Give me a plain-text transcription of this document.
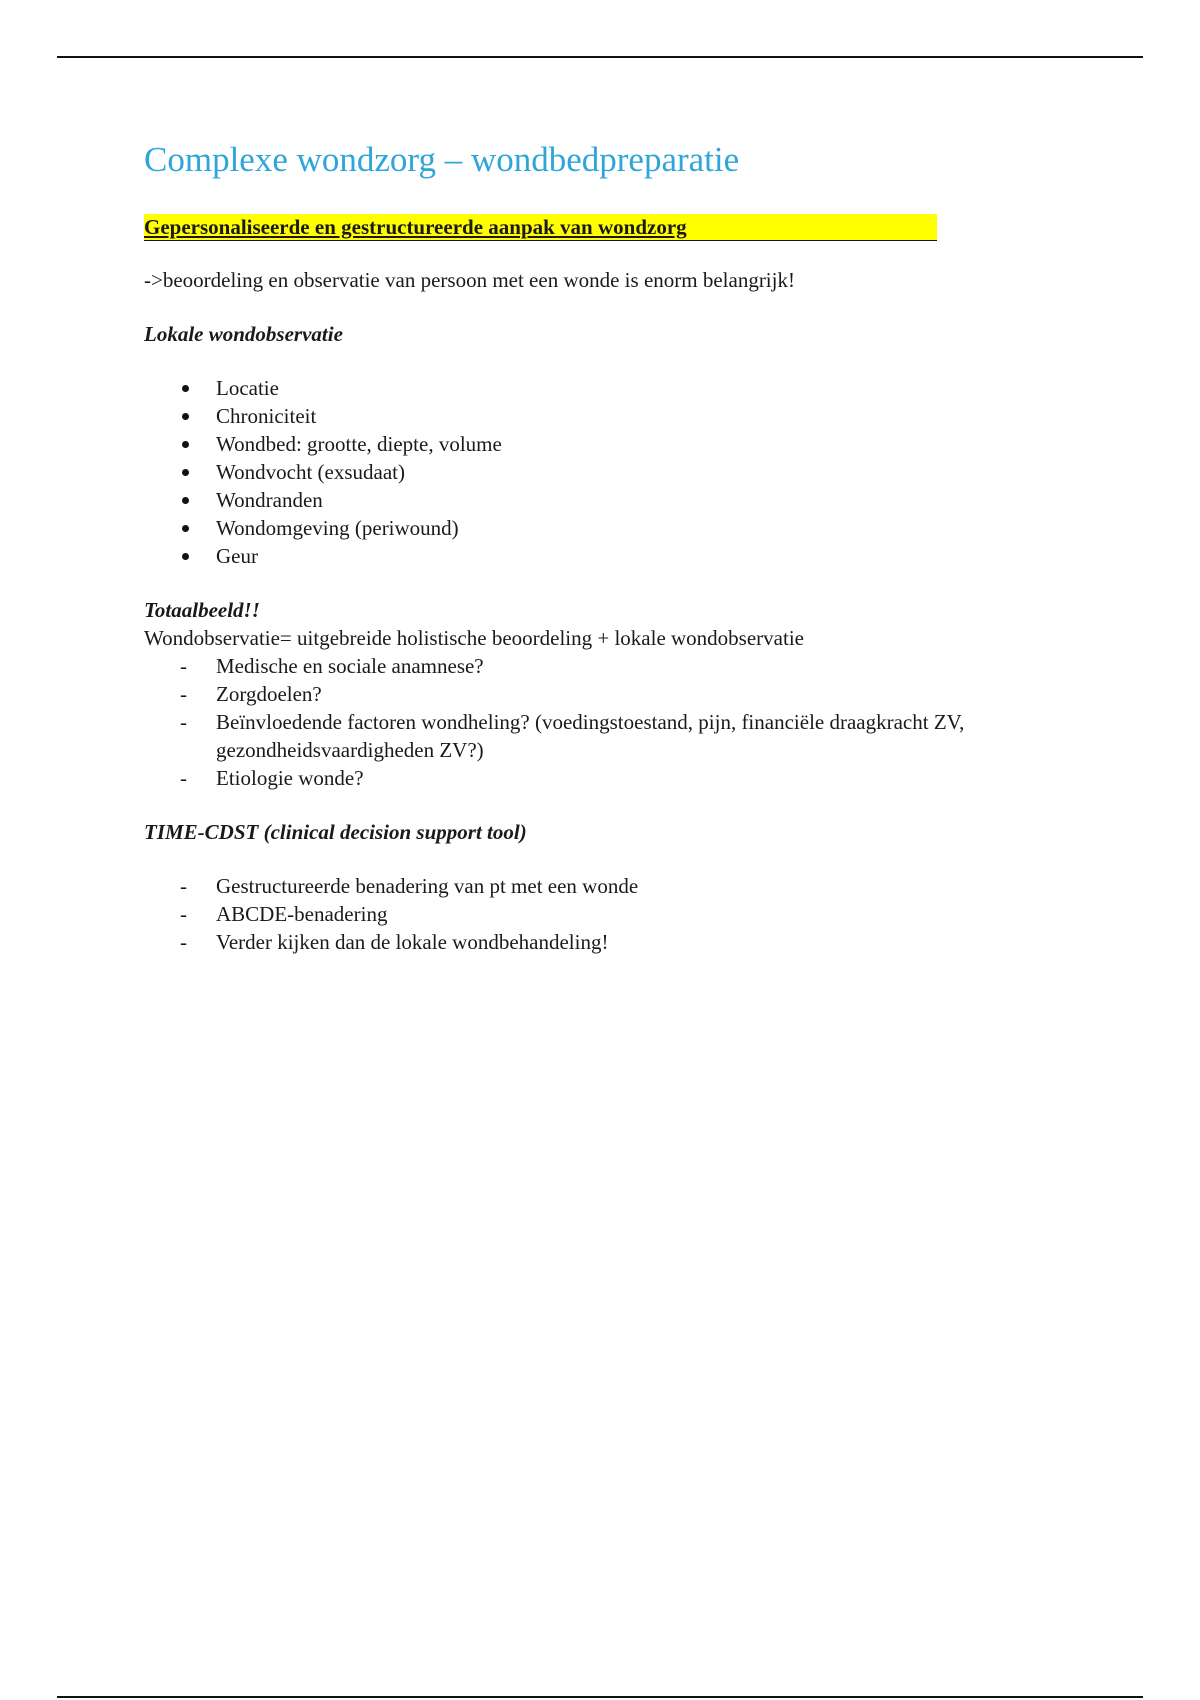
Complexe wondzorg – wondbedpreparatie
Gepersonaliseerde en gestructureerde aanpak van wondzorg
->beoordeling en observatie van persoon met een wonde is enorm belangrijk!
Lokale wondobservatie
Locatie
Chroniciteit
Wondbed: grootte, diepte, volume
Wondvocht (exsudaat)
Wondranden
Wondomgeving (periwound)
Geur
Totaalbeeld!!
Wondobservatie= uitgebreide holistische beoordeling + lokale wondobservatie
- Medische en sociale anamnese?
- Zorgdoelen?
- Beïnvloedende factoren wondheling? (voedingstoestand, pijn, financiële draagkracht ZV, gezondheidsvaardigheden ZV?)
- Etiologie wonde?
TIME-CDST (clinical decision support tool)
- Gestructureerde benadering van pt met een wonde
- ABCDE-benadering
- Verder kijken dan de lokale wondbehandeling!
